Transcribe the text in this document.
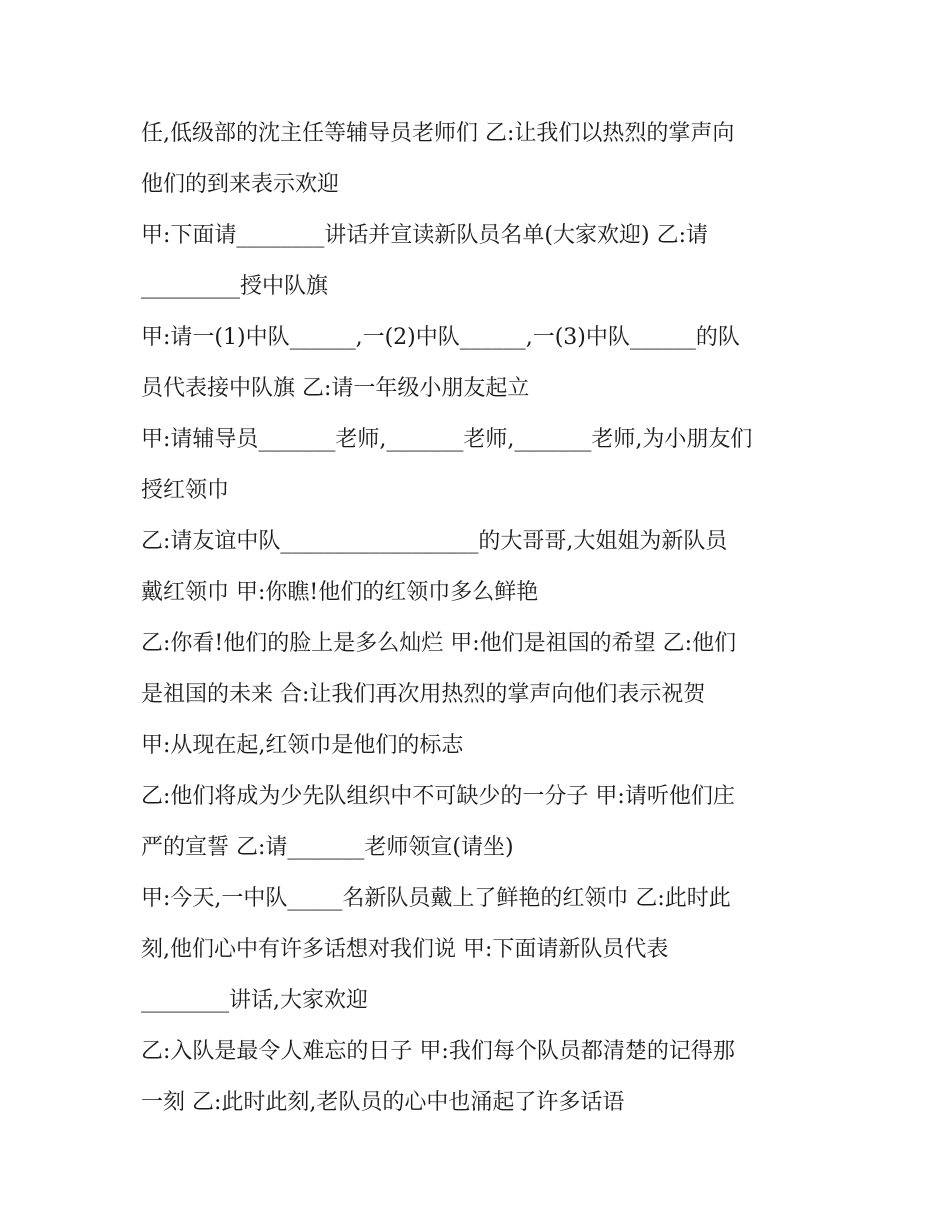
任,低级部的沈主任等辅导员老师们 乙:让我们以热烈的掌声向
他们的到来表示欢迎
甲:下面请________讲话并宣读新队员名单(大家欢迎) 乙:请
_________授中队旗
甲:请一(1)中队______,一(2)中队______,一(3)中队______的队
员代表接中队旗 乙:请一年级小朋友起立
甲:请辅导员_______老师,_______老师,_______老师,为小朋友们
授红领巾
乙:请友谊中队__________________的大哥哥,大姐姐为新队员
戴红领巾 甲:你瞧!他们的红领巾多么鲜艳
乙:你看!他们的脸上是多么灿烂 甲:他们是祖国的希望 乙:他们
是祖国的未来 合:让我们再次用热烈的掌声向他们表示祝贺
甲:从现在起,红领巾是他们的标志
乙:他们将成为少先队组织中不可缺少的一分子 甲:请听他们庄
严的宣誓 乙:请_______老师领宣(请坐)
甲:今天,一中队_____名新队员戴上了鲜艳的红领巾 乙:此时此
刻,他们心中有许多话想对我们说 甲:下面请新队员代表
________讲话,大家欢迎
乙:入队是最令人难忘的日子 甲:我们每个队员都清楚的记得那
一刻 乙:此时此刻,老队员的心中也涌起了许多话语
